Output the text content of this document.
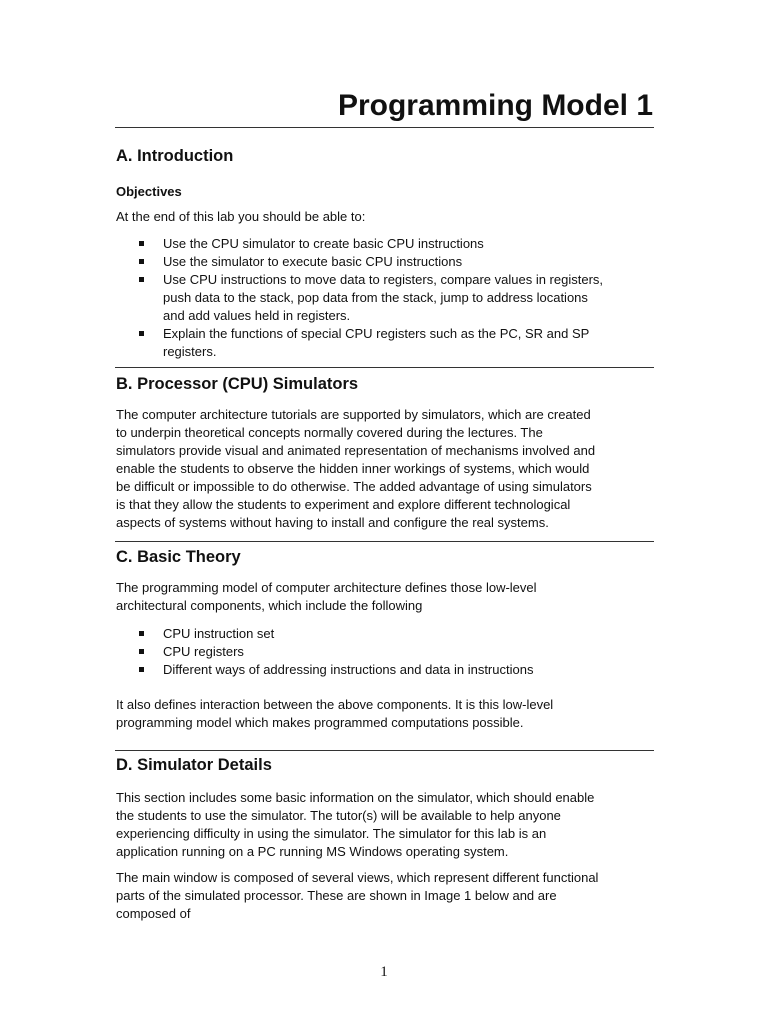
Programming Model 1
A. Introduction
Objectives

At the end of this lab you should be able to:

Use the CPU simulator to create basic CPU instructions
Use the simulator to execute basic CPU instructions
Use CPU instructions to move data to registers, compare values in registers,
push data to the stack, pop data from the stack, jump to address locations
and add values held in registers.
Explain the functions of special CPU registers such as the PC, SR and SP
registers.
B. Processor (CPU) Simulators

The computer architecture tutorials are supported by simulators, which are created
to underpin theoretical concepts normally covered during the lectures. The
simulators provide visual and animated representation of mechanisms involved and
enable the students to observe the hidden inner workings of systems, which would
be difficult or impossible to do otherwise. The added advantage of using simulators
is that they allow the students to experiment and explore different technological
aspects of systems without having to install and configure the real systems.

C. Basic Theory

The programming model of computer architecture defines those low-level
architectural components, which include the following

CPU instruction set
CPU registers
Different ways of addressing instructions and data in instructions

It also defines interaction between the above components. It is this low-level
programming model which makes programmed computations possible.

D. Simulator Details

This section includes some basic information on the simulator, which should enable
the students to use the simulator. The tutor(s) will be available to help anyone
experiencing difficulty in using the simulator. The simulator for this lab is an
application running on a PC running MS Windows operating system.

The main window is composed of several views, which represent different functional
parts of the simulated processor. These are shown in Image 1 below and are
composed of

1
